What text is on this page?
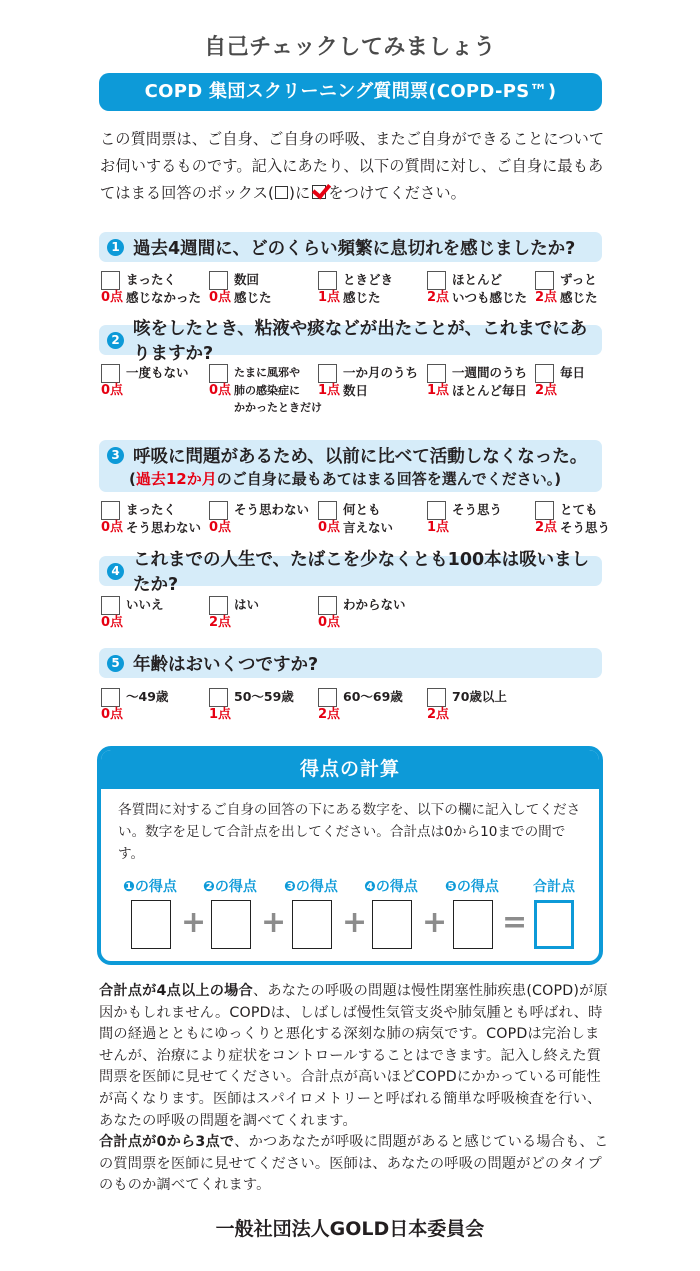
自己チェックしてみましょう
COPD 集団スクリーニング質問票(COPD-PS™)
この質問票は、ご自身、ご自身の呼吸、またご自身ができることについてお伺いするものです。記入にあたり、以下の質問に対し、ご自身に最もあてはまる回答のボックス( )に をつけてください。
1 過去4週間に、どのくらい頻繁に息切れを感じましたか?
まったく
0点 感じなかった
数回
0点 感じた
ときどき
1点 感じた
ほとんど
2点 いつも感じた
ずっと
2点 感じた
2
咳をしたとき、粘液や痰などが出たことが、これまでにありますか?
一度もない
0点
たまに風邪や
0点 肺の感染症に
かかったときだけ
一か月のうち
1点 数日
一週間のうち
1点 ほとんど毎日
毎日
2点
3 呼吸に問題があるため、以前に比べて活動しなくなった。
(過去12か月のご自身に最もあてはまる回答を選んでください。)
まったく
0点 そう思わない
そう思わない
0点
何とも
0点 言えない
そう思う
1点
とても
2点 そう思う
4
これまでの人生で、たばこを少なくとも100本は吸いましたか?
いいえ
0点
はい
2点
わからない
0点
5 年齢はおいくつですか?
〜49歳
0点
50〜59歳
1点
60〜69歳
2点
70歳以上
2点
得点の計算
各質問に対するご自身の回答の下にある数字を、以下の欄に記入してください。数字を足して合計点を出してください。合計点は0から10までの間です。
❶の得点 ❷の得点 ❸の得点 ❹の得点 ❺の得点 合計点
+ + + + =
合計点が4点以上の場合、あなたの呼吸の問題は慢性閉塞性肺疾患(COPD)が原因かもしれません。COPDは、しばしば慢性気管支炎や肺気腫とも呼ばれ、時間の経過とともにゆっくりと悪化する深刻な肺の病気です。COPDは完治しませんが、治療により症状をコントロールすることはできます。記入し終えた質問票を医師に見せてください。合計点が高いほどCOPDにかかっている可能性が高くなります。医師はスパイロメトリーと呼ばれる簡単な呼吸検査を行い、あなたの呼吸の問題を調べてくれます。
合計点が0から3点で、かつあなたが呼吸に問題があると感じている場合も、この質問票を医師に見せてください。医師は、あなたの呼吸の問題がどのタイプのものか調べてくれます。
一般社団法人GOLD日本委員会
